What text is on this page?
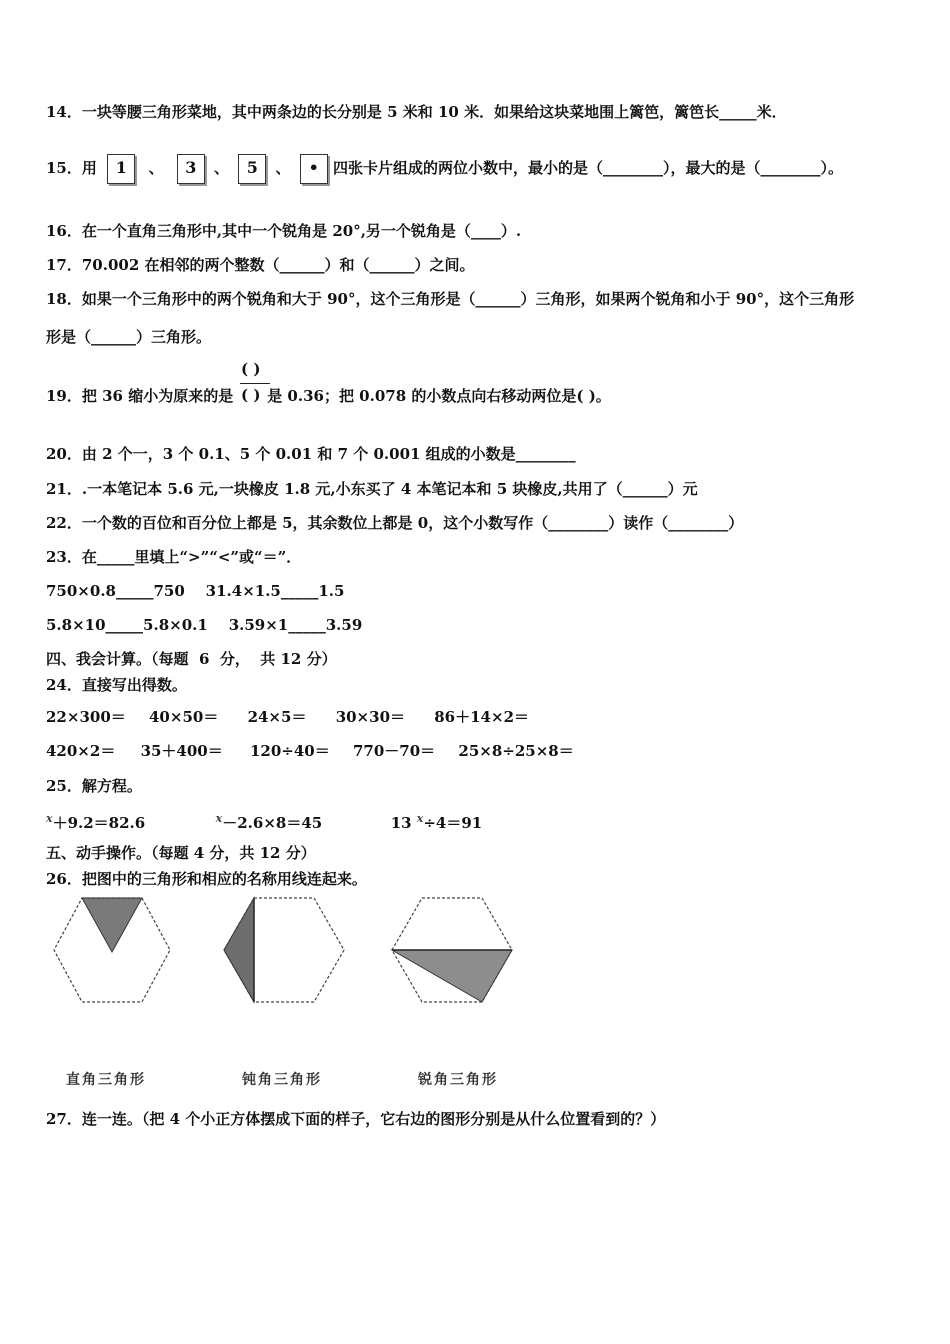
14．一块等腰三角形菜地，其中两条边的长分别是 5 米和 10 米．如果给这块菜地围上篱笆，篱笆长_____米．
15．用 1 、 3 、 5 、 • 四张卡片组成的两位小数中，最小的是（________），最大的是（________）。
16．在一个直角三角形中,其中一个锐角是 20°,另一个锐角是（____）.
17．70.002 在相邻的两个整数（______）和（______）之间。
18．如果一个三角形中的两个锐角和大于 90°，这个三角形是（______）三角形，如果两个锐角和小于 90°，这个三角形
形是（______）三角形。
19．把 36 缩小为原来的是 是 0.36；把 0.078 的小数点向右移动两位是( )。
( )
( )
20．由 2 个一，3 个 0.1、5 个 0.01 和 7 个 0.001 组成的小数是________
21．.一本笔记本 5.6 元,一块橡皮 1.8 元,小东买了 4 本笔记本和 5 块橡皮,共用了（______）元
22．一个数的百位和百分位上都是 5，其余数位上都是 0，这个小数写作（________）读作（________）
23．在_____里填上“>”“<”或“＝”．
750×0.8_____750    31.4×1.5_____1.5
5.8×10_____5.8×0.1    3.59×1_____3.59
四、我会计算。（每题  6  分，  共 12 分）
24．直接写出得数。
22×300＝ 40×50＝ 24×5＝ 30×30＝ 86＋14×2＝
420×2＝ 35＋400＝ 120÷40＝ 770－70＝ 25×8÷25×8＝
25．解方程。
$^x$＋9.2＝82.6	$^x$－2.6×8＝45	13 $^x$÷4＝91
五、动手操作。（每题 4 分，共 12 分）
26．把图中的三角形和相应的名称用线连起来。
直角三角形	钝角三角形	锐角三角形
27．连一连。（把 4 个小正方体摆成下面的样子，它右边的图形分别是从什么位置看到的？）
